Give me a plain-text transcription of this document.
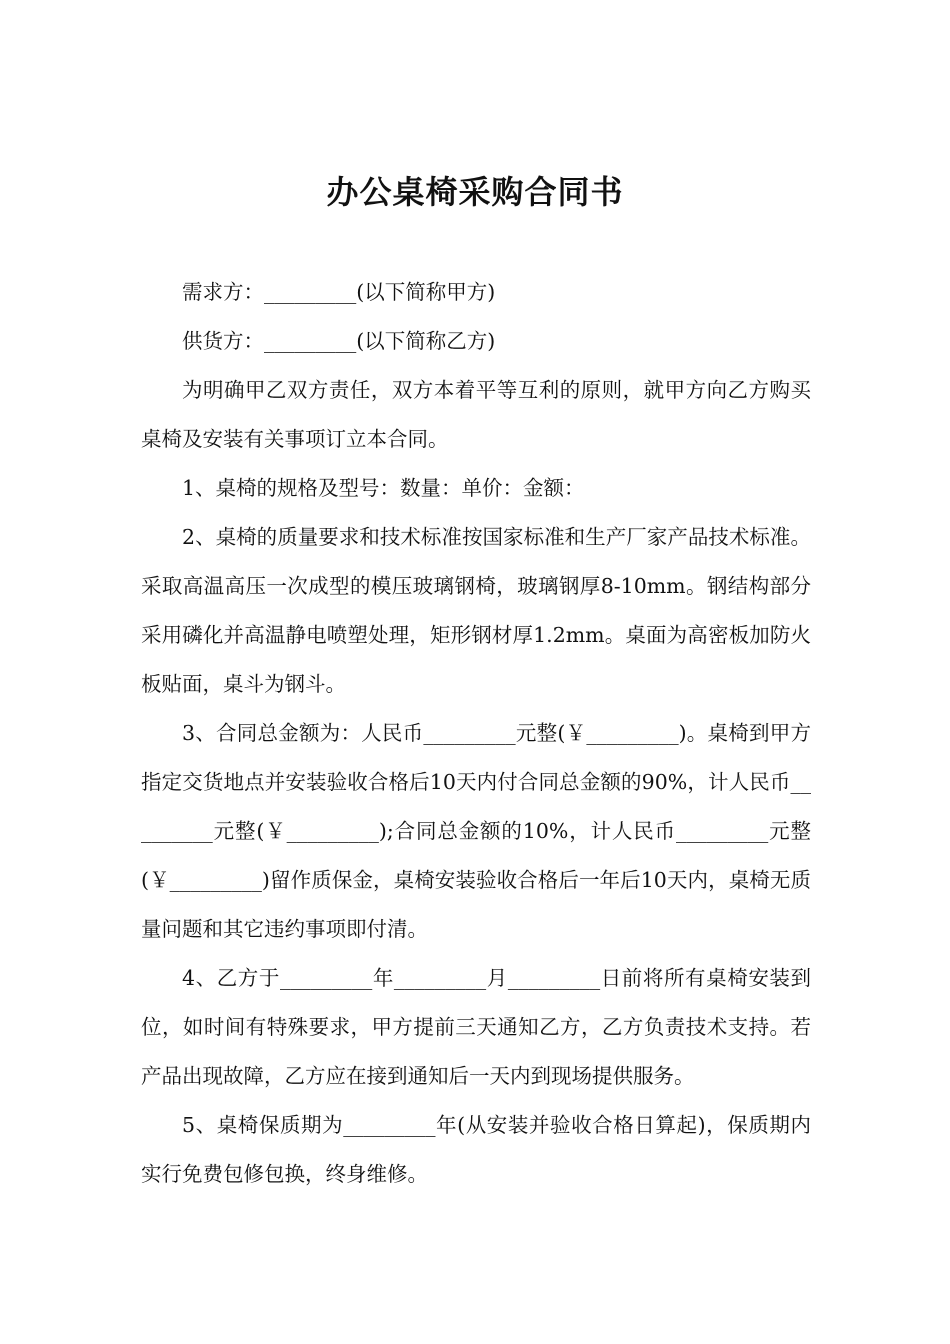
办公桌椅采购合同书

需求方：_________(以下简称甲方)

供货方：_________(以下简称乙方)

为明确甲乙双方责任，双方本着平等互利的原则，就甲方向乙方购买桌椅及安装有关事项订立本合同。

1、桌椅的规格及型号：数量：单价：金额：

2、桌椅的质量要求和技术标准按国家标准和生产厂家产品技术标准。采取高温高压一次成型的模压玻璃钢椅，玻璃钢厚8-10mm。钢结构部分采用磷化并高温静电喷塑处理，矩形钢材厚1.2mm。桌面为高密板加防火板贴面，桌斗为钢斗。

3、合同总金额为：人民币_________元整(￥_________)。桌椅到甲方指定交货地点并安装验收合格后10天内付合同总金额的90%，计人民币_________元整(￥_________);合同总金额的10%，计人民币_________元整(￥_________)留作质保金，桌椅安装验收合格后一年后10天内，桌椅无质量问题和其它违约事项即付清。

4、乙方于_________年_________月_________日前将所有桌椅安装到位，如时间有特殊要求，甲方提前三天通知乙方，乙方负责技术支持。若产品出现故障，乙方应在接到通知后一天内到现场提供服务。

5、桌椅保质期为_________年(从安装并验收合格日算起)，保质期内实行免费包修包换，终身维修。
